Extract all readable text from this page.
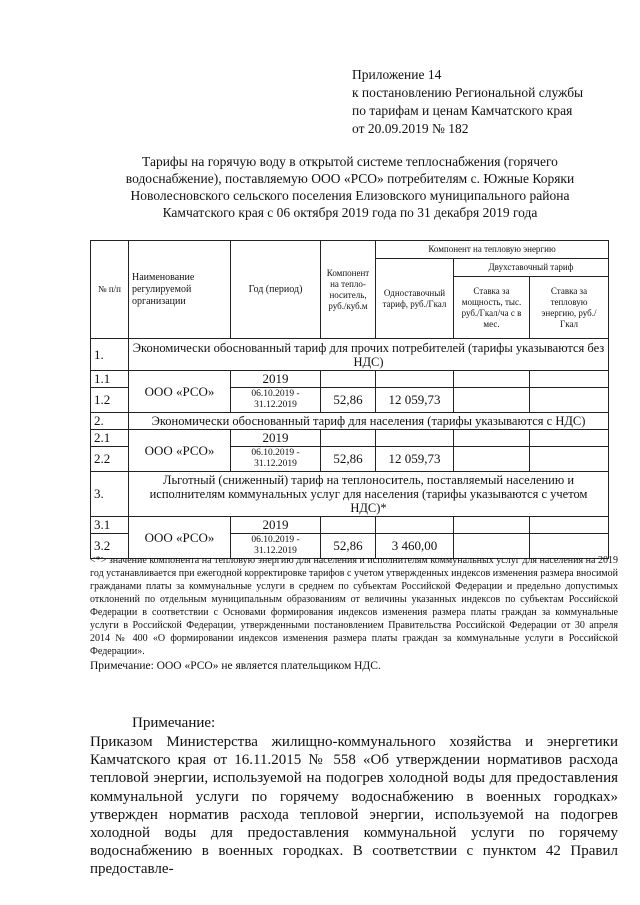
Приложение 14
к постановлению Региональной службы
по тарифам и ценам Камчатского края
от 20.09.2019 № 182
Тарифы на горячую воду в открытой системе теплоснабжения (горячего
водоснабжение), поставляемую ООО «РСО» потребителям с. Южные Коряки
Новолесновского сельского поселения Елизовского муниципального района
Камчатского края с 06 октября 2019 года по 31 декабря 2019 года
№ п/п	Наименование регулируемой организации	Год (период)	Компонент на теплоноситель, руб./куб.м	Компонент на тепловую энергию		
				Одноставочный тариф, руб./Гкал	Двухставочный тариф	
					Ставка за мощность, тыс. руб./Гкал/ча с в мес.	Ставка за тепловую энергию, руб./Гкал
1.	Экономически обоснованный тариф для прочих потребителей (тарифы указываются без НДС)					
1.1	ООО «РСО»	2019				
1.2		06.10.2019 - 31.12.2019	52,86	12 059,73		
2.	Экономически обоснованный тариф для населения (тарифы указываются с НДС)					
2.1	ООО «РСО»	2019				
2.2		06.10.2019 - 31.12.2019	52,86	12 059,73		
3.	Льготный (сниженный) тариф на теплоноситель, поставляемый населению и исполнителям коммунальных услуг для населения (тарифы указываются с учетом НДС)*					
3.1	ООО «РСО»	2019				
3.2		06.10.2019 - 31.12.2019	52,86	3 460,00		

<*> значение компонента на тепловую энергию для населения и исполнителям коммунальных услуг для населения на 2019 год устанавливается при ежегодной корректировке тарифов с учетом утвержденных индексов изменения размера вносимой гражданами платы за коммунальные услуги в среднем по субъектам Российской Федерации и предельно допустимых отклонений по отдельным муниципальным образованиям от величины указанных индексов по субъектам Российской Федерации в соответствии с Основами формирования индексов изменения размера платы граждан за коммунальные услуги в Российской Федерации, утвержденными постановлением Правительства Российской Федерации от 30 апреля 2014 № 400 «О формировании индексов изменения размера платы граждан за коммунальные услуги в Российской Федерации».

Примечание: ООО «РСО» не является плательщиком НДС.

Примечание:

Приказом Министерства жилищно-коммунального хозяйства и энергетики Камчатского края от 16.11.2015 № 558 «Об утверждении нормативов расхода тепловой энергии, используемой на подогрев холодной воды для предоставления коммунальной услуги по горячему водоснабжению в военных городках» утвержден норматив расхода тепловой энергии, используемой на подогрев холодной воды для предоставления коммунальной услуги по горячему водоснабжению в военных городках. В соответствии с пунктом 42 Правил предоставле-
